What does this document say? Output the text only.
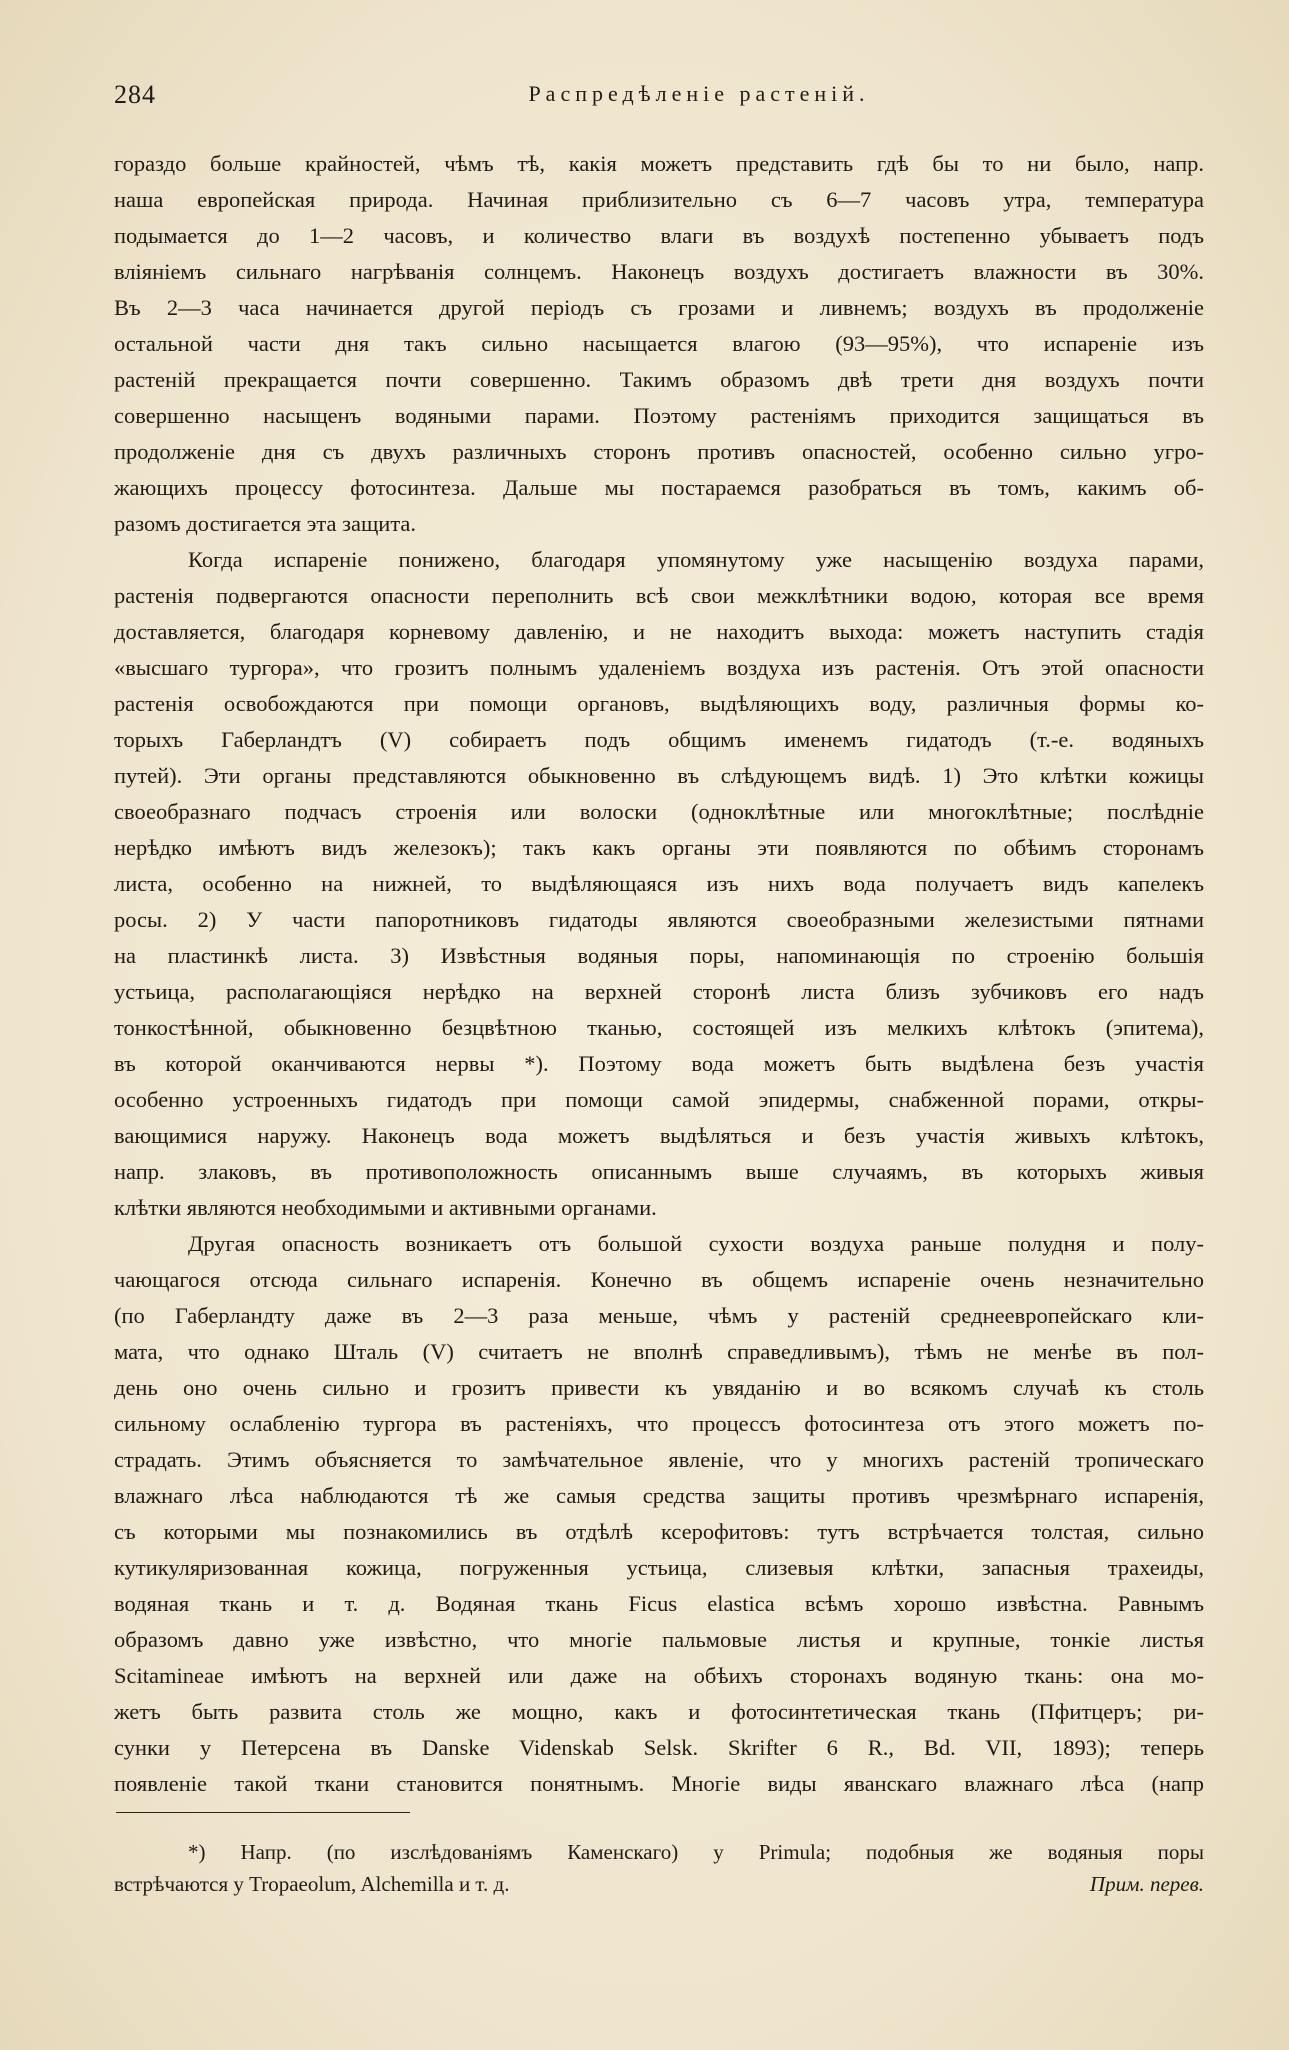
284	Распредѣленіе растеній.
гораздо больше крайностей, чѣмъ тѣ, какія можетъ представить гдѣ бы то ни было, напр.
наша европейская природа. Начиная приблизительно съ 6—7 часовъ утра, температура
подымается до 1—2 часовъ, и количество влаги въ воздухѣ постепенно убываетъ подъ
вліяніемъ сильнаго нагрѣванія солнцемъ. Наконецъ воздухъ достигаетъ влажности въ 30%.
Въ 2—3 часа начинается другой періодъ съ грозами и ливнемъ; воздухъ въ продолженіе
остальной части дня такъ сильно насыщается влагою (93—95%), что испареніе изъ
растеній прекращается почти совершенно. Такимъ образомъ двѣ трети дня воздухъ почти
совершенно насыщенъ водяными парами. Поэтому растеніямъ приходится защищаться въ
продолженіе дня съ двухъ различныхъ сторонъ противъ опасностей, особенно сильно угро-
жающихъ процессу фотосинтеза. Дальше мы постараемся разобраться въ томъ, какимъ об-
разомъ достигается эта защита.
Когда испареніе понижено, благодаря упомянутому уже насыщенію воздуха парами,
растенія подвергаются опасности переполнить всѣ свои межклѣтники водою, которая все время
доставляется, благодаря корневому давленію, и не находитъ выхода: можетъ наступить стадія
«высшаго тургора», что грозитъ полнымъ удаленіемъ воздуха изъ растенія. Отъ этой опасности
растенія освобождаются при помощи органовъ, выдѣляющихъ воду, различныя формы ко-
торыхъ Габерландтъ (V) собираетъ подъ общимъ именемъ гидатодъ (т.-е. водяныхъ
путей). Эти органы представляются обыкновенно въ слѣдующемъ видѣ. 1) Это клѣтки кожицы
своеобразнаго подчасъ строенія или волоски (одноклѣтные или многоклѣтные; послѣдніе
нерѣдко имѣютъ видъ железокъ); такъ какъ органы эти появляются по обѣимъ сторонамъ
листа, особенно на нижней, то выдѣляющаяся изъ нихъ вода получаетъ видъ капелекъ
росы. 2) У части папоротниковъ гидатоды являются своеобразными железистыми пятнами
на пластинкѣ листа. 3) Извѣстныя водяныя поры, напоминающія по строенію большія
устьица, располагающіяся нерѣдко на верхней сторонѣ листа близъ зубчиковъ его надъ
тонкостѣнной, обыкновенно безцвѣтною тканью, состоящей изъ мелкихъ клѣтокъ (эпитема),
въ которой оканчиваются нервы *). Поэтому вода можетъ быть выдѣлена безъ участія
особенно устроенныхъ гидатодъ при помощи самой эпидермы, снабженной порами, откры-
вающимися наружу. Наконецъ вода можетъ выдѣляться и безъ участія живыхъ клѣтокъ,
напр. злаковъ, въ противоположность описаннымъ выше случаямъ, въ которыхъ живыя
клѣтки являются необходимыми и активными органами.
Другая опасность возникаетъ отъ большой сухости воздуха раньше полудня и полу-
чающагося отсюда сильнаго испаренія. Конечно въ общемъ испареніе очень незначительно
(по Габерландту даже въ 2—3 раза меньше, чѣмъ у растеній среднеевропейскаго кли-
мата, что однако Шталь (V) считаетъ не вполнѣ справедливымъ), тѣмъ не менѣе въ пол-
день оно очень сильно и грозитъ привести къ увяданію и во всякомъ случаѣ къ столь
сильному ослабленію тургора въ растеніяхъ, что процессъ фотосинтеза отъ этого можетъ по-
страдать. Этимъ объясняется то замѣчательное явленіе, что у многихъ растеній тропическаго
влажнаго лѣса наблюдаются тѣ же самыя средства защиты противъ чрезмѣрнаго испаренія,
съ которыми мы познакомились въ отдѣлѣ ксерофитовъ: тутъ встрѣчается толстая, сильно
кутикуляризованная кожица, погруженныя устьица, слизевыя клѣтки, запасныя трахеиды,
водяная ткань и т. д. Водяная ткань Ficus elastica всѣмъ хорошо извѣстна. Равнымъ
образомъ давно уже извѣстно, что многіе пальмовые листья и крупные, тонкіе листья
Scitamineae имѣютъ на верхней или даже на обѣихъ сторонахъ водяную ткань: она мо-
жетъ быть развита столь же мощно, какъ и фотосинтетическая ткань (Пфитцеръ; ри-
сунки у Петерсена въ Danske Videnskab Selsk. Skrifter 6 R., Bd. VII, 1893); теперь
появленіе такой ткани становится понятнымъ. Многіе виды яванскаго влажнаго лѣса (напр
*) Напр. (по изслѣдованіямъ Каменскаго) у Primula; подобныя же водяныя поры
встрѣчаются у Tropaeolum, Alchemilla и т. д.	Прим. перев.
